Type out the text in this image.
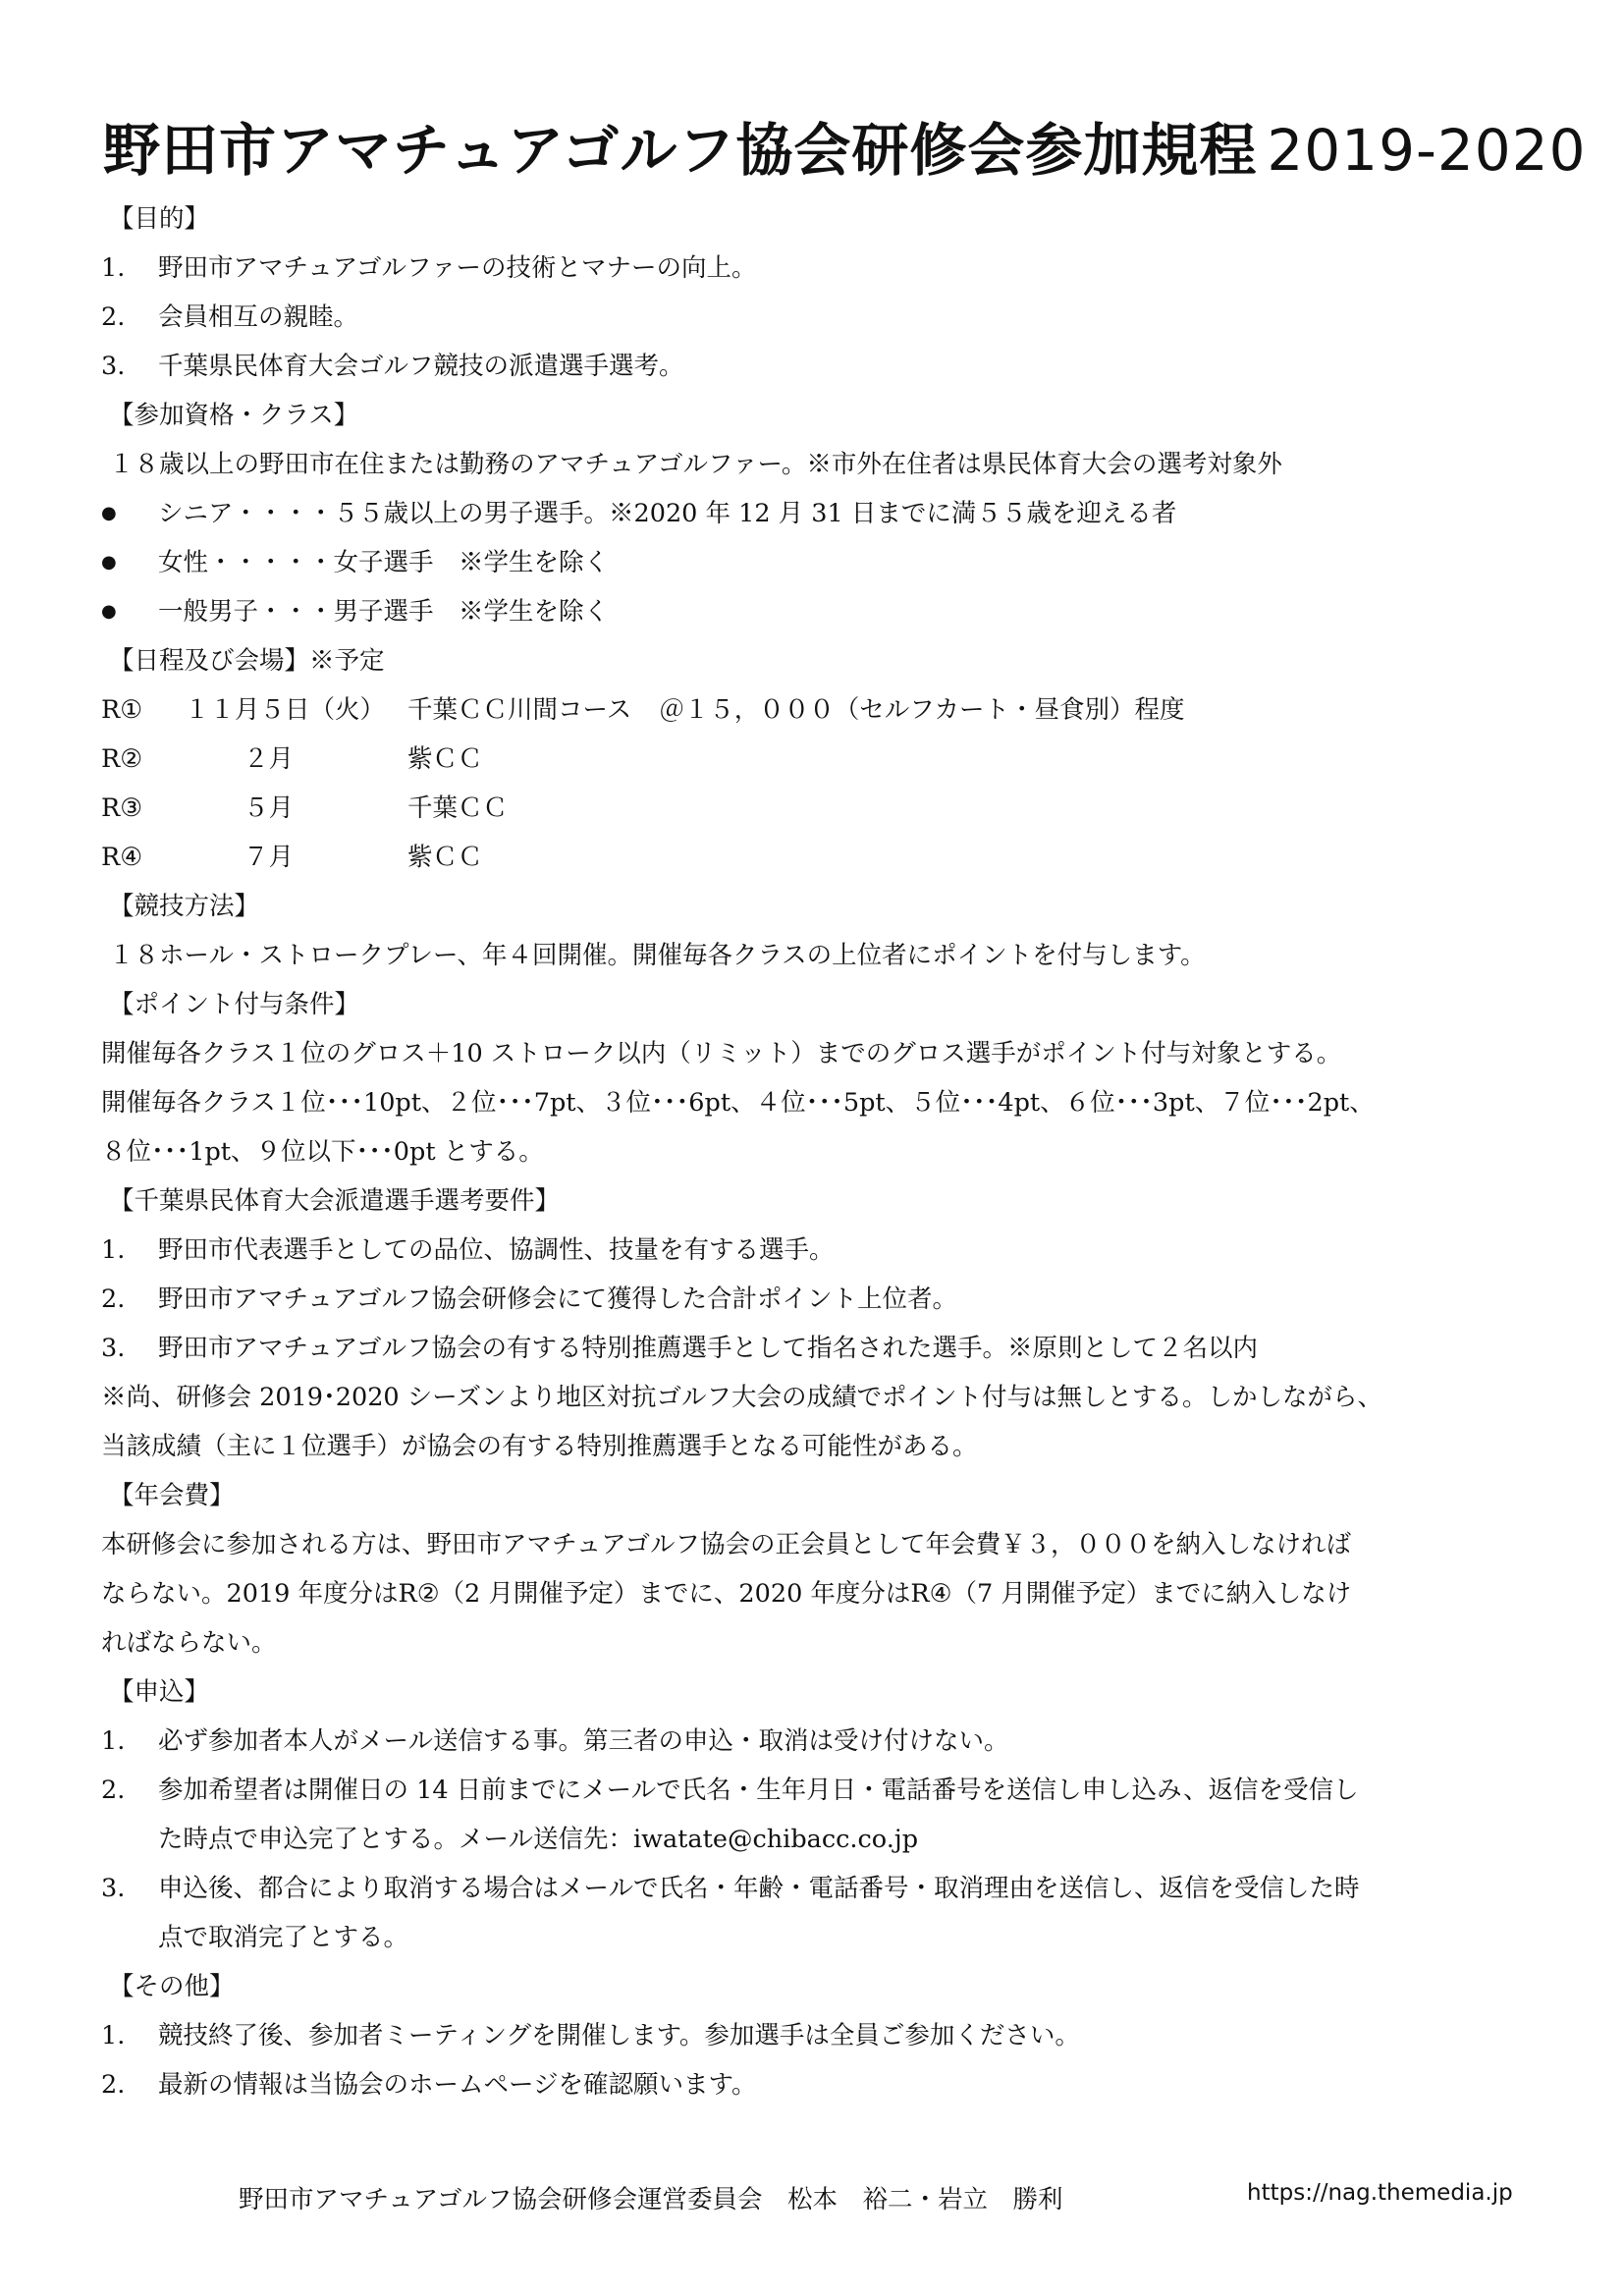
野田市アマチュアゴルフ協会研修会参加規程 2019-2020
【目的】
1.	野田市アマチュアゴルファーの技術とマナーの向上。
2.	会員相互の親睦。
3.	千葉県民体育大会ゴルフ競技の派遣選手選考。
【参加資格・クラス】
１８歳以上の野田市在住または勤務のアマチュアゴルファー。※市外在住者は県民体育大会の選考対象外
●	シニア・・・・５５歳以上の男子選手。※2020 年 12 月 31 日までに満５５歳を迎える者
●	女性・・・・・女子選手　※学生を除く
●	一般男子・・・男子選手　※学生を除く
【日程及び会場】※予定
R①	１１月５日（火） 千葉ＣＣ川間コース ＠１５，０００（セルフカート・昼食別）程度
R②	２月	紫ＣＣ
R③	５月	千葉ＣＣ
R④	７月	紫ＣＣ
【競技方法】
１８ホール・ストロークプレー、年４回開催。開催毎各クラスの上位者にポイントを付与します。
【ポイント付与条件】
開催毎各クラス１位のグロス＋10 ストローク以内（リミット）までのグロス選手がポイント付与対象とする。
開催毎各クラス１位･･･10pt、２位･･･7pt、３位･･･6pt、４位･･･5pt、５位･･･4pt、６位･･･3pt、７位･･･2pt、
８位･･･1pt、９位以下･･･0pt とする。
【千葉県民体育大会派遣選手選考要件】
1.	野田市代表選手としての品位、協調性、技量を有する選手。
2.	野田市アマチュアゴルフ協会研修会にて獲得した合計ポイント上位者。
3.	野田市アマチュアゴルフ協会の有する特別推薦選手として指名された選手。※原則として２名以内
※尚、研修会 2019･2020 シーズンより地区対抗ゴルフ大会の成績でポイント付与は無しとする。しかしながら、
当該成績（主に１位選手）が協会の有する特別推薦選手となる可能性がある。
【年会費】
本研修会に参加される方は、野田市アマチュアゴルフ協会の正会員として年会費￥３，０００を納入しなければ
ならない。2019 年度分はR②（2 月開催予定）までに、2020 年度分はR④（7 月開催予定）までに納入しなけ
ればならない。
【申込】
1.	必ず参加者本人がメール送信する事。第三者の申込・取消は受け付けない。
2.	参加希望者は開催日の 14 日前までにメールで氏名・生年月日・電話番号を送信し申し込み、返信を受信し
た時点で申込完了とする。メール送信先：iwatate@chibacc.co.jp
3.	申込後、都合により取消する場合はメールで氏名・年齢・電話番号・取消理由を送信し、返信を受信した時
点で取消完了とする。
【その他】
1.	競技終了後、参加者ミーティングを開催します。参加選手は全員ご参加ください。
2.	最新の情報は当協会のホームページを確認願います。
野田市アマチュアゴルフ協会研修会運営委員会　松本　裕二・岩立　勝利	https://nag.themedia.jp
